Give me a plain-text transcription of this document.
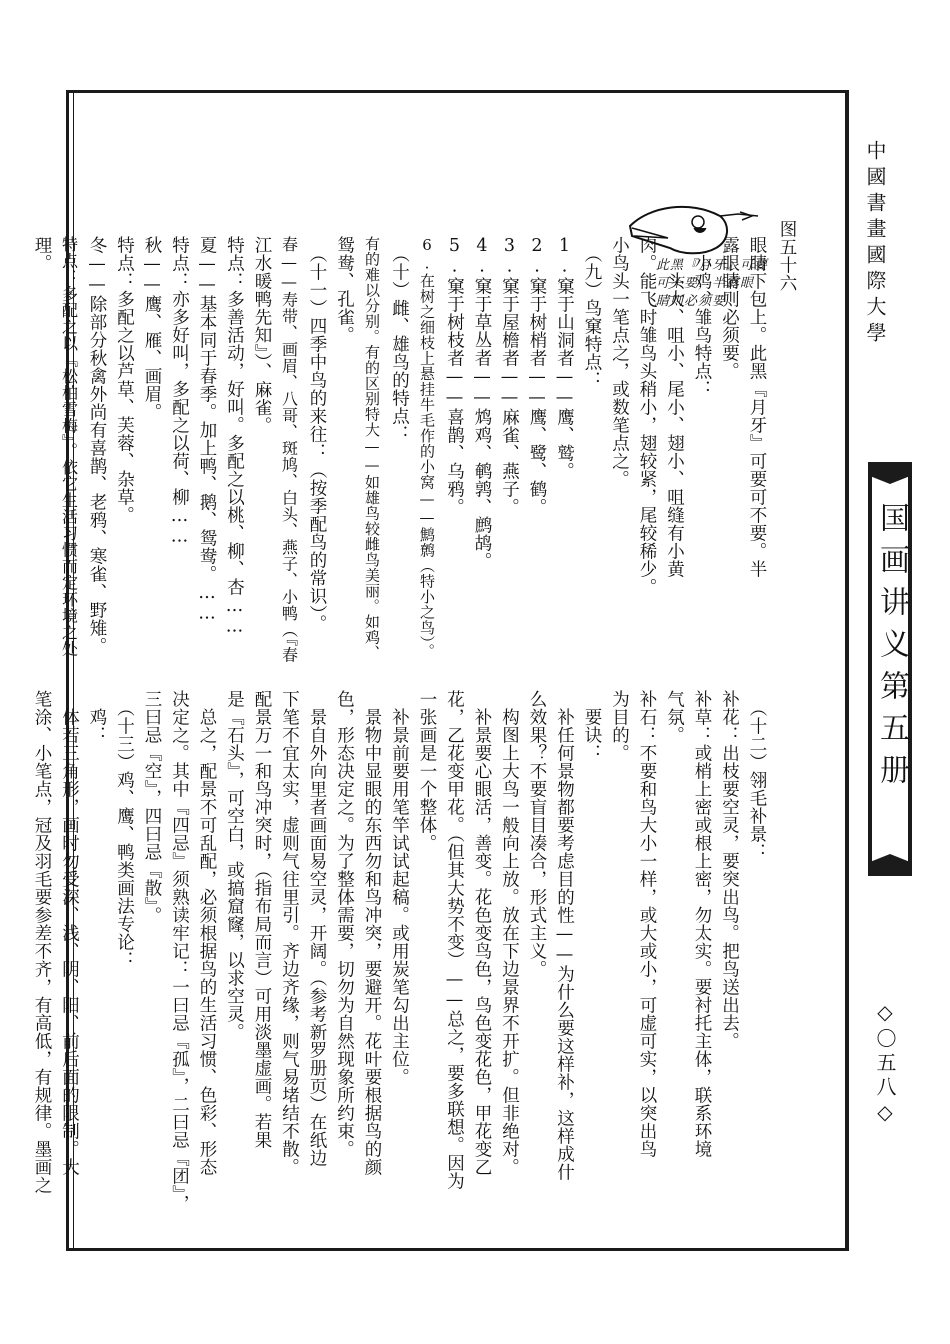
中國書畫國際大學
国画讲义第五册
◇〇五八◇
此黑『月牙』可要
可不要，半露眼
睛则必须要
图五十六
眼睛下包上。此黑『月牙』可要可不要。半
露眼睛则必须要。
　小鸡、雏鸟特点：
　　头大、咀小、尾小、翅小、咀缝有小黄
肉。能飞时雏鸟头稍小，翅较紧，尾较稀少。
小鸟头一笔点之，或数笔点之。
　（九）鸟窠特点：
1.窠于山洞者——鹰、鹫。
2.窠于树梢者——鹰、鹭、鹤。
3.窠于屋檐者——麻雀、燕子。
4.窠于草丛者——鸩鸡、鹌鹑、鹧鸪。
5.窠于树枝者——喜鹊、乌鸦。
6.在树之细枝上悬挂牛毛作的小窝——鹪鹩（特小之鸟）。
　（十）雌、雄鸟的特点：
有的难以分别。有的区别特大——如雄鸟较雌鸟美丽。如鸡、
鸳鸯、孔雀。
　（十一）四季中鸟的来往：（按季配鸟的常识）。
春——寿带、画眉、八哥、斑鸠、白头、燕子、小鸭（『春
江水暖鸭先知』）、麻雀。
特点：多善活动，好叫。多配之以桃、柳、杏……
夏——基本同于春季。加上鸭、鹅、鸳鸯。……
特点：亦多好叫，多配之以荷、柳……
秋——鹰、雁、画眉。
特点：多配之以芦草、芙蓉、杂草。
冬——除部分秋禽外尚有喜鹊、老鸦、寒雀、野雉。
特点：多配之以『松柏雪梅』。依它生活习惯而定环境之处
理。
　（十二）翎毛补景：
补花：出枝要空灵，要突出鸟。把鸟送出去。
补草：或梢上密或根上密，勿太实。要衬托主体，联系环境
气氛。
补石：不要和鸟大小一样，或大或小，可虚可实，以突出鸟
为目的。
　要诀：
　补任何景物都要考虑目的性——为什么要这样补，这样成什
么效果？不要盲目凑合，形式主义。
　构图上大鸟一般向上放。放在下边景界不开扩。但非绝对。
　补景要心眼活，善变。花色变鸟色，鸟色变花色，甲花变乙
花，乙花变甲花。（但其大势不变）——总之，要多联想。因为
一张画是一个整体。
　补景前要用笔竿试试起稿。或用炭笔勾出主位。
　景物中显眼的东西勿和鸟冲突，要避开。花叶要根据鸟的颜
色，形态决定之。为了整体需要，切勿为自然现象所约束。
　景自外向里者画面易空灵，开阔。（参考新罗册页）在纸边
下笔不宜太实，虚则气往里引。齐边齐缘，则气易堵结不散。
配景万一和鸟冲突时，（指布局而言）可用淡墨虚画。若果
是『石头』，可空白，或搞窟窿，以求空灵。
　总之，配景不可乱配，必须根据鸟的生活习惯、色彩、形态
决定之。其中『四忌』须熟读牢记：一曰忌『孤』，二曰忌『团』，
三曰忌『空』，四曰忌『散』。
　（十三）鸡、鹰、鸭类画法专论：
　鸡：
　体若三角形，画时勿受深、浅、阴、阳、前后面的限制。大
笔涂、小笔点，冠及羽毛要参差不齐，有高低，有规律。墨画之
